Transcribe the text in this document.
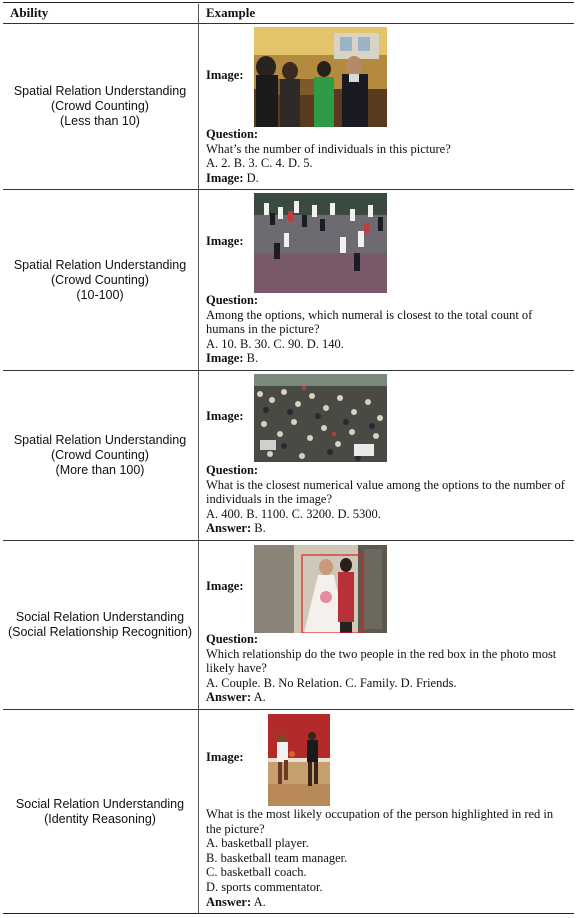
Ability	Example
Spatial Relation Understanding
(Crowd Counting)
(Less than 10)
Image:
Question:
What’s the number of individuals in this picture?
A. 2. B. 3. C. 4. D. 5.
Image: D.
Spatial Relation Understanding
(Crowd Counting)
(10-100)
Image:
Question:
Among the options, which numeral is closest to the total count of humans in the picture?
A. 10. B. 30. C. 90. D. 140.
Image: B.
Spatial Relation Understanding
(Crowd Counting)
(More than 100)
Image:
Question:
What is the closest numerical value among the options to the number of individuals in the image?
A. 400. B. 1100. C. 3200. D. 5300.
Answer: B.
Social Relation Understanding
(Social Relationship Recognition)
Image:
Question:
Which relationship do the two people in the red box in the photo most likely have?
A. Couple. B. No Relation. C. Family. D. Friends.
Answer: A.
Social Relation Understanding
(Identity Reasoning)
Image:
What is the most likely occupation of the person highlighted in red in the picture?
A. basketball player.
B. basketball team manager.
C. basketball coach.
D. sports commentator.
Answer: A.
